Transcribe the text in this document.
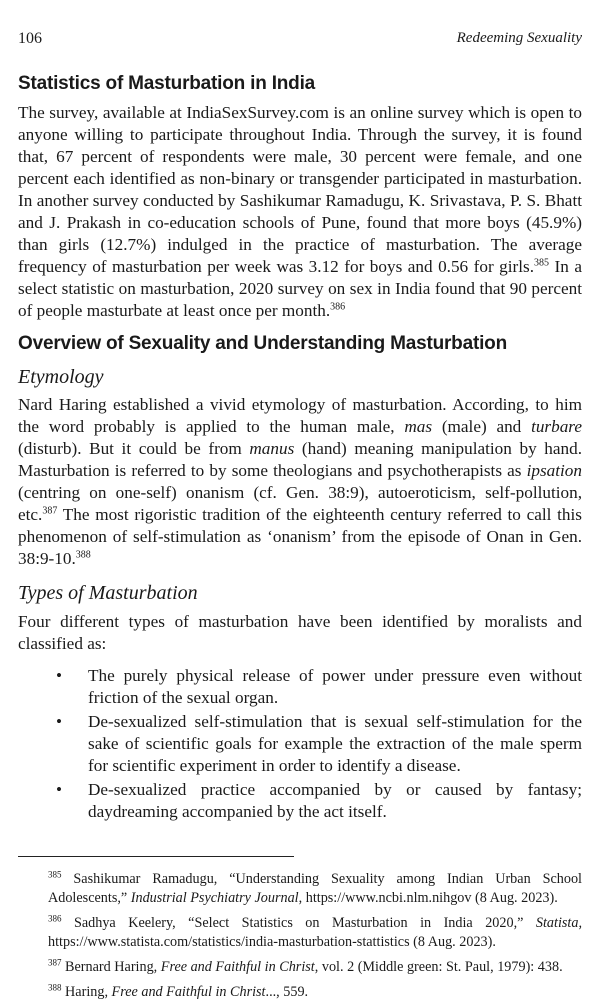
106	Redeeming Sexuality
Statistics of Masturbation in India

The survey, available at IndiaSexSurvey.com is an online survey which is open to anyone willing to participate throughout India. Through the survey, it is found that, 67 percent of respondents were male, 30 percent were female, and one percent each identified as non-binary or transgender participated in masturbation. In another survey conducted by Sashikumar Ramadugu, K. Srivastava, P. S. Bhatt and J. Prakash in co-education schools of Pune, found that more boys (45.9%) than girls (12.7%) indulged in the practice of masturbation. The average frequency of masturbation per week was 3.12 for boys and 0.56 for girls.$^{385}$ In a select statistic on masturbation, 2020 survey on sex in India found that 90 percent of people masturbate at least once per month.$^{386}$

Overview of Sexuality and Understanding Masturbation
Etymology

Nard Haring established a vivid etymology of masturbation. According, to him the word probably is applied to the human male, mas (male) and turbare (disturb). But it could be from manus (hand) meaning manipulation by hand. Masturbation is referred to by some theologians and psychotherapists as ipsation (centring on one-self) onanism (cf. Gen. 38:9), autoeroticism, self-pollution, etc.$^{387}$ The most rigoristic tradition of the eighteenth century referred to call this phenomenon of self-stimulation as ‘onanism’ from the episode of Onan in Gen. 38:9-10.$^{388}$

Types of Masturbation

Four different types of masturbation have been identified by moralists and classified as:

• The purely physical release of power under pressure even without friction of the sexual organ.
• De-sexualized self-stimulation that is sexual self-stimulation for the sake of scientific goals for example the extraction of the male sperm for scientific experiment in order to identify a disease.
• De-sexualized practice accompanied by or caused by fantasy; daydreaming accompanied by the act itself.
$^{385}$ Sashikumar Ramadugu, “Understanding Sexuality among Indian Urban School Adolescents,” Industrial Psychiatry Journal, https://www.ncbi.nlm.nihgov (8 Aug. 2023).
$^{386}$ Sadhya Keelery, “Select Statistics on Masturbation in India 2020,” Statista, https://www.statista.com/statistics/india-masturbation-stattistics (8 Aug. 2023).
$^{387}$ Bernard Haring, Free and Faithful in Christ, vol. 2 (Middle green: St. Paul, 1979): 438.
$^{388}$ Haring, Free and Faithful in Christ..., 559.
